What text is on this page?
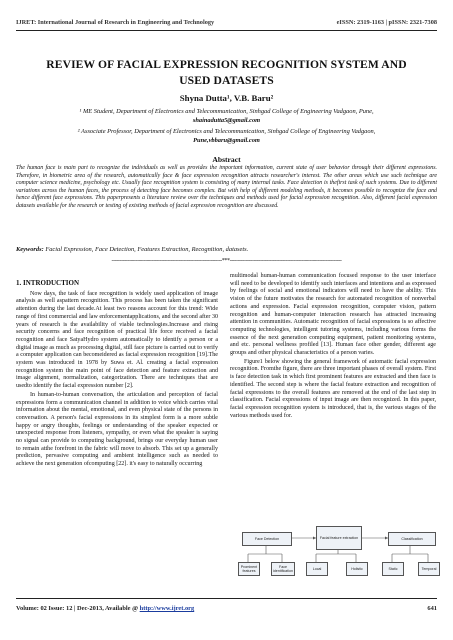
IJRET: International Journal of Research in Engineering and Technology	eISSN: 2319-1163 | pISSN: 2321-7308
REVIEW OF FACIAL EXPRESSION RECOGNITION SYSTEM AND USED DATASETS
Shyna Dutta¹, V.B. Baru²
¹ ME Student, Department of Electronics and Telecommunication, Sinhgad College of Engineering Vadgaon, Pune,
shainadutta5@gmail.com
² Associate Professor, Department of Electronics and Telecommunication, Sinhgad College of Engineering Vadgaon,
Pune,vbbaru@gmail.com
Abstract
The human face is main part to recognize the individuals as well as provides the important information, current state of user behavior through their different expressions. Therefore, in biometric area of the research, automatically face & face expression recognition attracts researcher's interest. The other areas which use such technique are computer science medicine, psychology etc. Usually face recognition system is consisting of many internal tasks. Face detection is thefirst task of such systems. Due to different variations across the human faces, the process of detecting face becomes complex. But with help of different modeling methods, it becomes possible to recognize the face and hence different face expressions. This paperpresents a literature review over the techniques and methods used for facial expression recognition. Also, different facial expression datasets available for the research or testing of existing methods of facial expression recognition are discussed.
Keywords: Facial Expression, Face Detection, Features Extraction, Recognition, datasets.
---------------------------------------------------------------------***----------------------------------------------------------------------
1. INTRODUCTION

Now days, the task of face recognition is widely used application of image analysis as well aspattern recognition. This process has been taken the significant attention during the last decade.At least two reasons account for this trend: Wide range of first commercial and law enforcementapplications, and the second after 30 years of research is the availability of viable technologies.Increase and rising security concerns and face recognition of practical life force received a facial recognition and face SatyaHydro system automatically to identify a person or a digital image as much as processing digital, still face picture is carried out to verify a computer application can becomeidered as facial expression recognition [19].The system was introduced in 1978 by Suwa et. Al. creating a facial expression recognition system the main point of face detection and feature extraction and image alignment, normalization, categorization. There are techniques that are usedto identify the facial expression number [2].

In human-to-human conversation, the articulation and perception of facial expressions form a communication channel in addition to voice which carries vital information about the mental, emotional, and even physical state of the persons in conversation. A person's facial expressions in its simplest form is a more subtle happy or angry thoughts, feelings or understanding of the speaker expected or unexpected response from listeners, sympathy, or even what the speaker is saying no signal can provide to computing background, brings our everyday human user to remain atthe forefront in the fabric will move to absorb. This set up a generally prediction, pervasive computing and ambient intelligence such as needed to achieve the next generation ofcomputing [22]. it's easy to naturally occurring

multimodal human-human communication focused response to the user interface will need to be developed to identify such interfaces and intentions and as expressed by feelings of social and emotional indicators will need to have the ability. This vision of the future motivates the research for automated recognition of nonverbal actions and expression. Facial expression recognition, computer vision, pattern recognition and human-computer interaction research has attracted increasing attention in communities. Automatic recognition of facial expressions is so affective computing technologies, intelligent tutoring systems, including various forms the essence of the next generation computing equipment, patient monitoring systems, and etc. personal wellness profiled [13]. Human face other gender, different age groups and other physical characteristics of a person varies.

Figure1 below showing the general framework of automatic facial expression recognition. Fromthe figure, there are three important phases of overall system. First is face detection task in which first prominent features are extracted and then face is identified. The second step is where the facial feature extraction and recognition of facial expressions to the overall features are removed at the end of the last step in classification. Facial expressions of input image are then recognized. In this paper, facial expression recognition system is introduced, that is, the various stages of the various methods used for.

Face Detection	Facial feature extraction	Classification
Prominent features
Face identification
Local	Holistic	Static	Temporal
Volume: 02 Issue: 12 | Dec-2013, Available @ http://www.ijret.org	641
